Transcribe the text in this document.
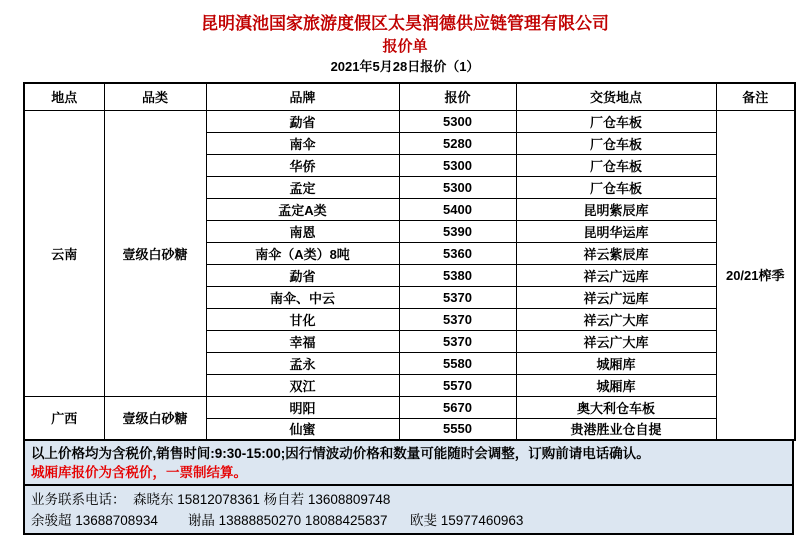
昆明滇池国家旅游度假区太昊润德供应链管理有限公司
报价单
2021年5月28日报价（1）
地点	品类	品牌	报价	交货地点	备注
云南	壹级白砂糖	勐省	5300	厂仓车板	20/21榨季
		南伞	5280	厂仓车板	
		华侨	5300	厂仓车板	
		孟定	5300	厂仓车板	
		孟定A类	5400	昆明紫辰库	
		南恩	5390	昆明华运库	
		南伞（A类）8吨	5360	祥云紫辰库	
		勐省	5380	祥云广远库	
		南伞、中云	5370	祥云广远库	
		甘化	5370	祥云广大库	
		幸福	5370	祥云广大库	
		孟永	5580	城厢库	
		双江	5570	城厢库	
广西	壹级白砂糖	明阳	5670	奥大利仓车板	
		仙蜜	5550	贵港胜业仓自提	
以上价格均为含税价,销售时间:9:30-15:00;因行情波动价格和数量可能随时会调整，订购前请电话确认。
城厢库报价为含税价，一票制结算。
业务联系电话：  森晓东 15812078361 杨自若 13608809748
余骏超 13688708934        谢晶 13888850270 18088425837      欧斐 15977460963
